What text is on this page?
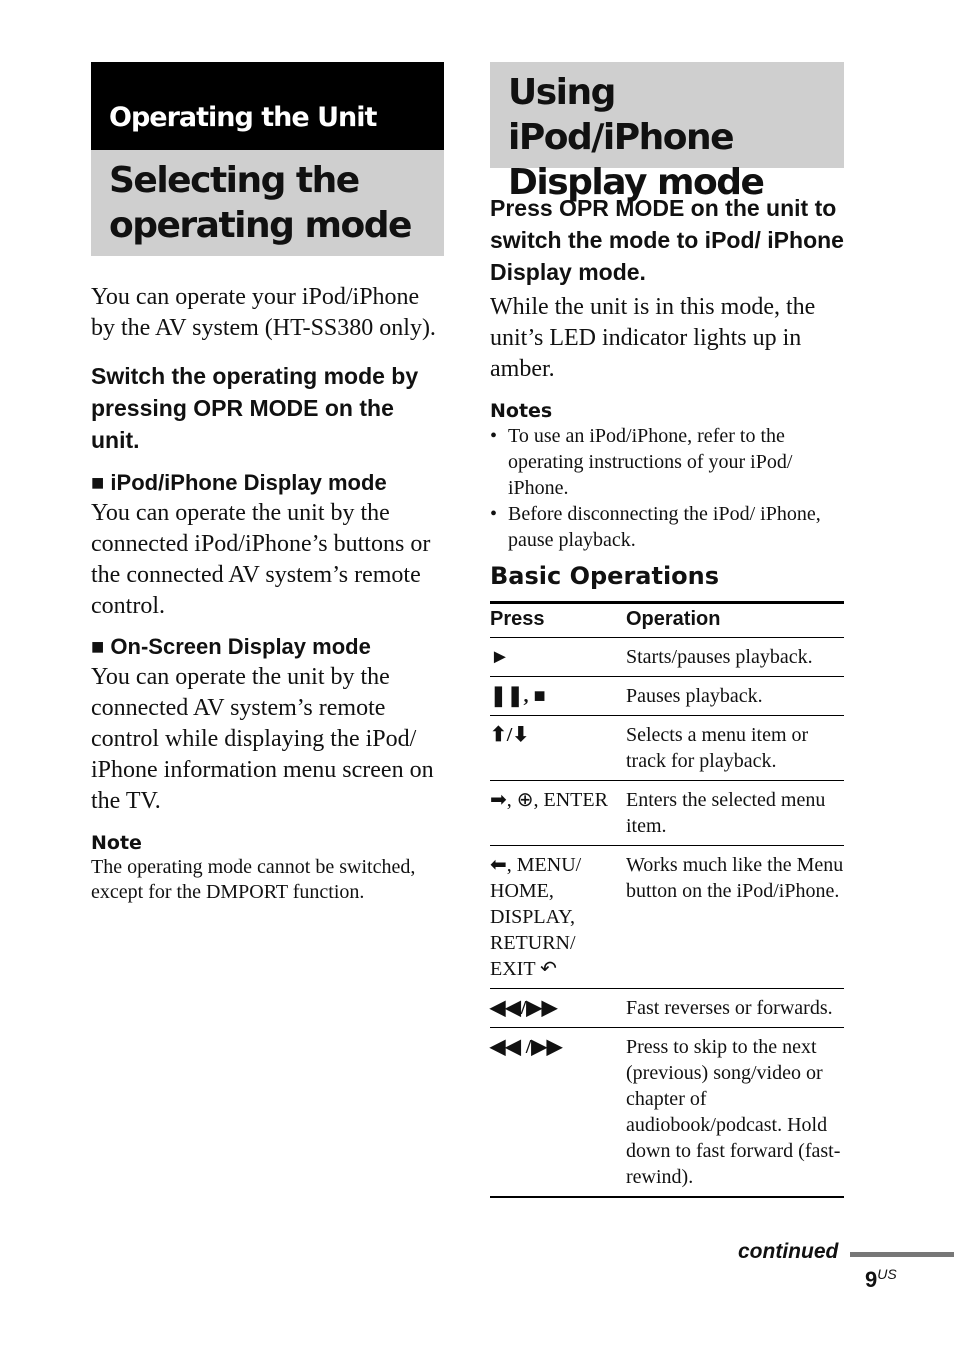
Operating the Unit
Selecting the
operating mode

You can operate your iPod/iPhone by the AV system (HT-SS380 only).

Switch the operating mode by pressing OPR MODE on the unit.

■ iPod/iPhone Display mode

You can operate the unit by the connected iPod/iPhone’s buttons or the connected AV system’s remote control.

■ On-Screen Display mode

You can operate the unit by the connected AV system’s remote control while displaying the iPod/ iPhone information menu screen on the TV.

Note

The operating mode cannot be switched, except for the DMPORT function.

Using iPod/iPhone
Display mode

Press OPR MODE on the unit to switch the mode to iPod/ iPhone Display mode.

While the unit is in this mode, the unit’s LED indicator lights up in amber.

Notes

• To use an iPod/iPhone, refer to the operating instructions of your iPod/ iPhone.
• Before disconnecting the iPod/ iPhone, pause playback.

Basic Operations

Press	Operation
►	Starts/pauses playback.
❚❚, ■	Pauses playback.
⬆/⬇	Selects a menu item or track for playback.
➡, ⊕, ENTER	Enters the selected menu item.
⬅, MENU/ HOME, DISPLAY, RETURN/ EXIT ↶	Works much like the Menu button on the iPod/iPhone.
◀◀/▶▶	Fast reverses or forwards.
◀◀ /▶▶	Press to skip to the next (previous) song/video or chapter of audiobook/podcast. Hold down to fast forward (fast-rewind).
continued
$9^{US}$
